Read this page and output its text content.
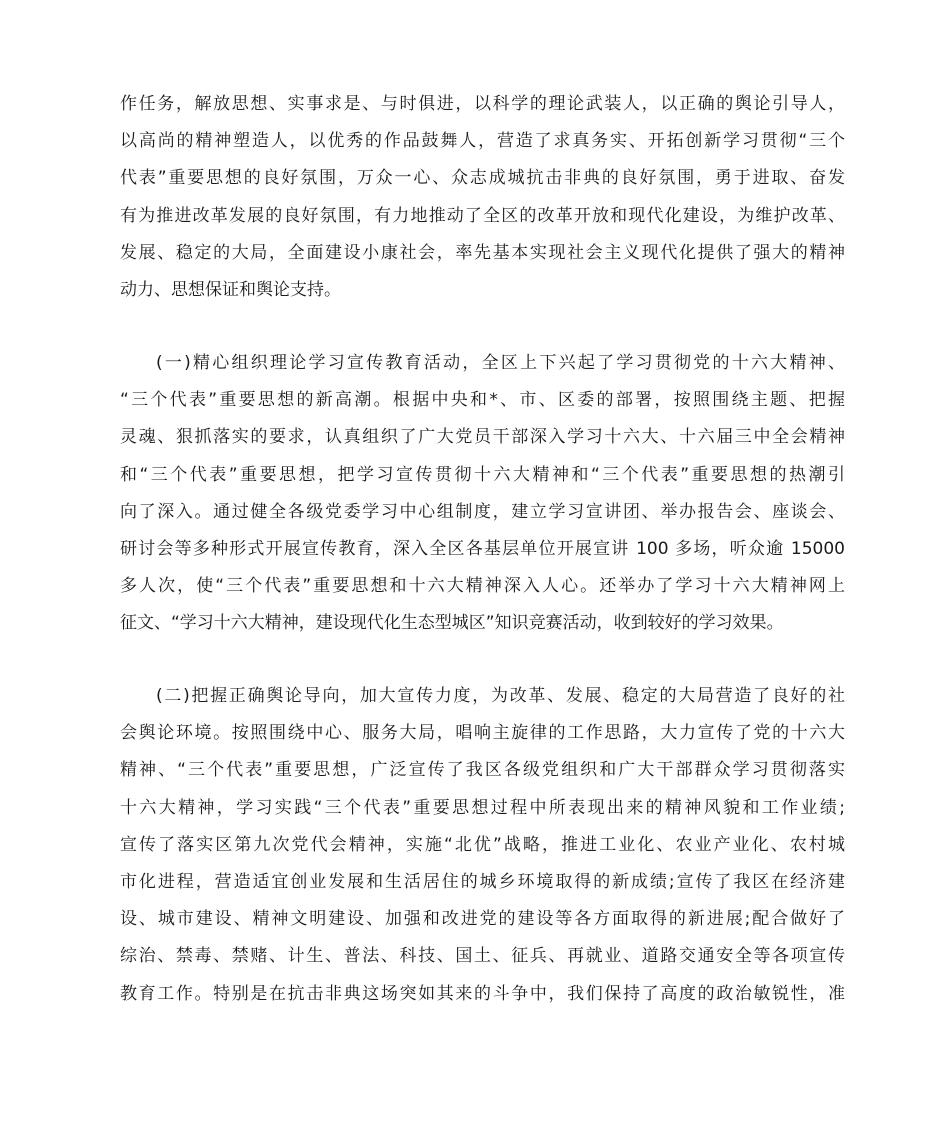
作任务，解放思想、实事求是、与时俱进，以科学的理论武装人，以正确的舆论引导人，
以高尚的精神塑造人，以优秀的作品鼓舞人，营造了求真务实、开拓创新学习贯彻“三个
代表”重要思想的良好氛围，万众一心、众志成城抗击非典的良好氛围，勇于进取、奋发
有为推进改革发展的良好氛围，有力地推动了全区的改革开放和现代化建设，为维护改革、
发展、稳定的大局，全面建设小康社会，率先基本实现社会主义现代化提供了强大的精神
动力、思想保证和舆论支持。
(一)精心组织理论学习宣传教育活动，全区上下兴起了学习贯彻党的十六大精神、
“三个代表”重要思想的新高潮。根据中央和*、市、区委的部署，按照围绕主题、把握
灵魂、狠抓落实的要求，认真组织了广大党员干部深入学习十六大、十六届三中全会精神
和“三个代表”重要思想，把学习宣传贯彻十六大精神和“三个代表”重要思想的热潮引
向了深入。通过健全各级党委学习中心组制度，建立学习宣讲团、举办报告会、座谈会、
研讨会等多种形式开展宣传教育，深入全区各基层单位开展宣讲 100 多场，听众逾 15000
多人次，使“三个代表”重要思想和十六大精神深入人心。还举办了学习十六大精神网上
征文、“学习十六大精神，建设现代化生态型城区”知识竞赛活动，收到较好的学习效果。
(二)把握正确舆论导向，加大宣传力度，为改革、发展、稳定的大局营造了良好的社
会舆论环境。按照围绕中心、服务大局，唱响主旋律的工作思路，大力宣传了党的十六大
精神、“三个代表”重要思想，广泛宣传了我区各级党组织和广大干部群众学习贯彻落实
十六大精神，学习实践“三个代表”重要思想过程中所表现出来的精神风貌和工作业绩;
宣传了落实区第九次党代会精神，实施“北优”战略，推进工业化、农业产业化、农村城
市化进程，营造适宜创业发展和生活居住的城乡环境取得的新成绩;宣传了我区在经济建
设、城市建设、精神文明建设、加强和改进党的建设等各方面取得的新进展;配合做好了
综治、禁毒、禁赌、计生、普法、科技、国土、征兵、再就业、道路交通安全等各项宣传
教育工作。特别是在抗击非典这场突如其来的斗争中，我们保持了高度的政治敏锐性，准
